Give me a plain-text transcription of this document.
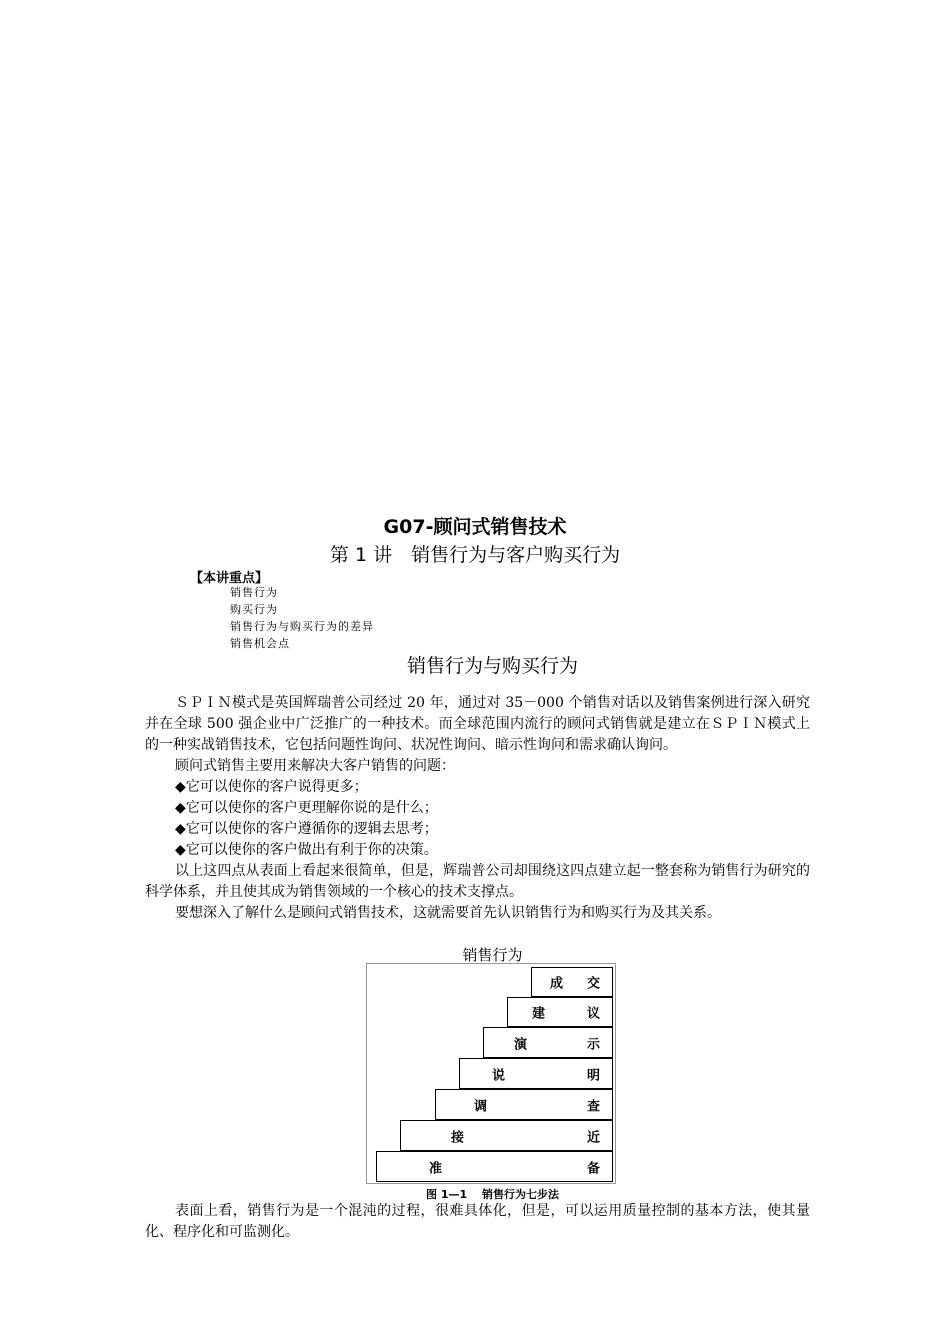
G07-顾问式销售技术
第 1 讲　销售行为与客户购买行为
【本讲重点】
销售行为
购买行为
销售行为与购买行为的差异
销售机会点
销售行为与购买行为

ＳＰＩＮ模式是英国辉瑞普公司经过 20 年，通过对 35－000 个销售对话以及销售案例进行深入研究并在全球 500 强企业中广泛推广的一种技术。而全球范围内流行的顾问式销售就是建立在ＳＰＩＮ模式上的一种实战销售技术，它包括问题性询问、状况性询问、暗示性询问和需求确认询问。

顾问式销售主要用来解决大客户销售的问题：

◆它可以使你的客户说得更多；

◆它可以使你的客户更理解你说的是什么；

◆它可以使你的客户遵循你的逻辑去思考；

◆它可以使你的客户做出有利于你的决策。

以上这四点从表面上看起来很简单，但是，辉瑞普公司却围绕这四点建立起一整套称为销售行为研究的科学体系，并且使其成为销售领域的一个核心的技术支撑点。

要想深入了解什么是顾问式销售技术，这就需要首先认识销售行为和购买行为及其关系。

销售行为
成 交
建	议
演	示
说	明
调	查
接	近
准	备
图 1—1　 销售行为七步法

表面上看，销售行为是一个混沌的过程，很难具体化，但是，可以运用质量控制的基本方法，使其量化、程序化和可监测化。
